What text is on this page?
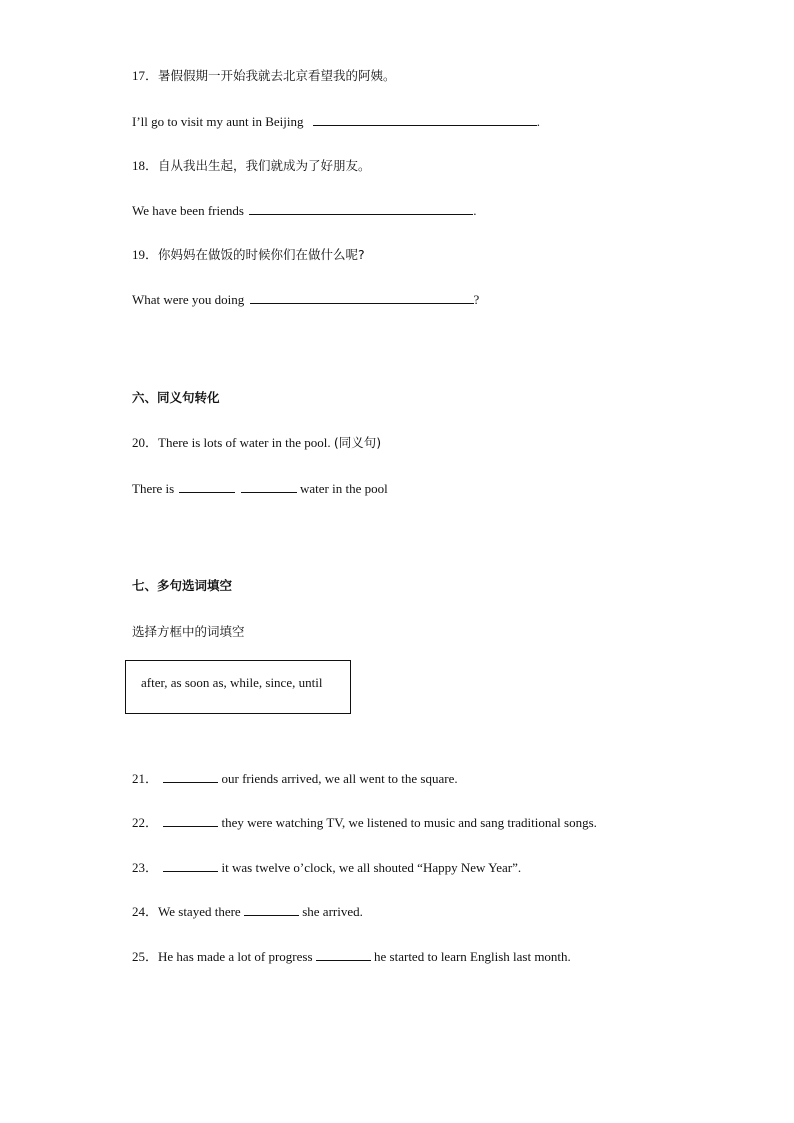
17．暑假假期一开始我就去北京看望我的阿姨。
I’ll go to visit my aunt in Beijing	.
18．自从我出生起，我们就成为了好朋友。
We have been friends	.
19．你妈妈在做饭的时候你们在做什么呢?
What were you doing	?
六、同义句转化
20．There is lots of water in the pool. (同义句)
There is	water in the pool
七、多句选词填空
选择方框中的词填空
after, as soon as, while, since, until
21．	our friends arrived, we all went to the square.
22．	they were watching TV, we listened to music and sang traditional songs.
23．	it was twelve o’clock, we all shouted “Happy New Year”.
24．We stayed there	she arrived.
25．He has made a lot of progress	he started to learn English last month.
